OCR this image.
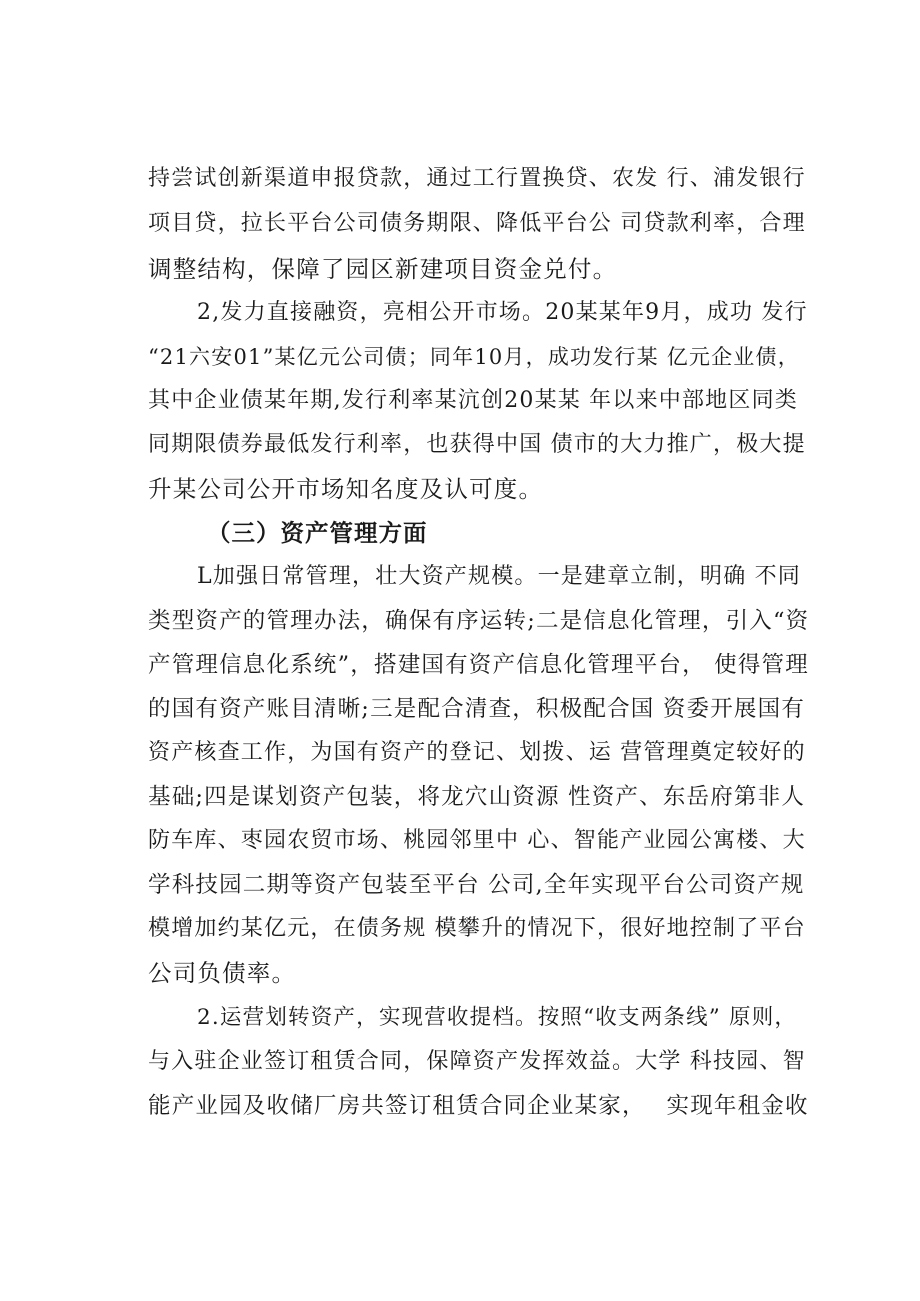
持尝试创新渠道申报贷款，通过工行置换贷、农发 行、浦发银行
项目贷，拉长平台公司债务期限、降低平台公 司贷款利率，合理
调整结构，保障了园区新建项目资金兑付。
2,发力直接融资，亮相公开市场。20某某年9月，成功 发行
“21六安01”某亿元公司债；同年10月，成功发行某 亿元企业债，
其中企业债某年期,发行利率某沆创20某某 年以来中部地区同类
同期限债券最低发行利率，也获得中国 债市的大力推广，极大提
升某公司公开市场知名度及认可度。
（三）资产管理方面
L加强日常管理，壮大资产规模。一是建章立制，明确 不同
类型资产的管理办法，确保有序运转;二是信息化管理，引入“资
产管理信息化系统”，搭建国有资产信息化管理平台， 使得管理
的国有资产账目清晰;三是配合清查，积极配合国 资委开展国有
资产核查工作，为国有资产的登记、划拨、运 营管理奠定较好的
基础;四是谋划资产包装，将龙穴山资源 性资产、东岳府第非人
防车库、枣园农贸市场、桃园邻里中 心、智能产业园公寓楼、大
学科技园二期等资产包装至平台 公司,全年实现平台公司资产规
模增加约某亿元，在债务规 模攀升的情况下，很好地控制了平台
公司负债率。
2.运营划转资产，实现营收提档。按照“收支两条线” 原则，
与入驻企业签订租赁合同，保障资产发挥效益。大学 科技园、智
能产业园及收储厂房共签订租赁合同企业某家，　 实现年租金收
